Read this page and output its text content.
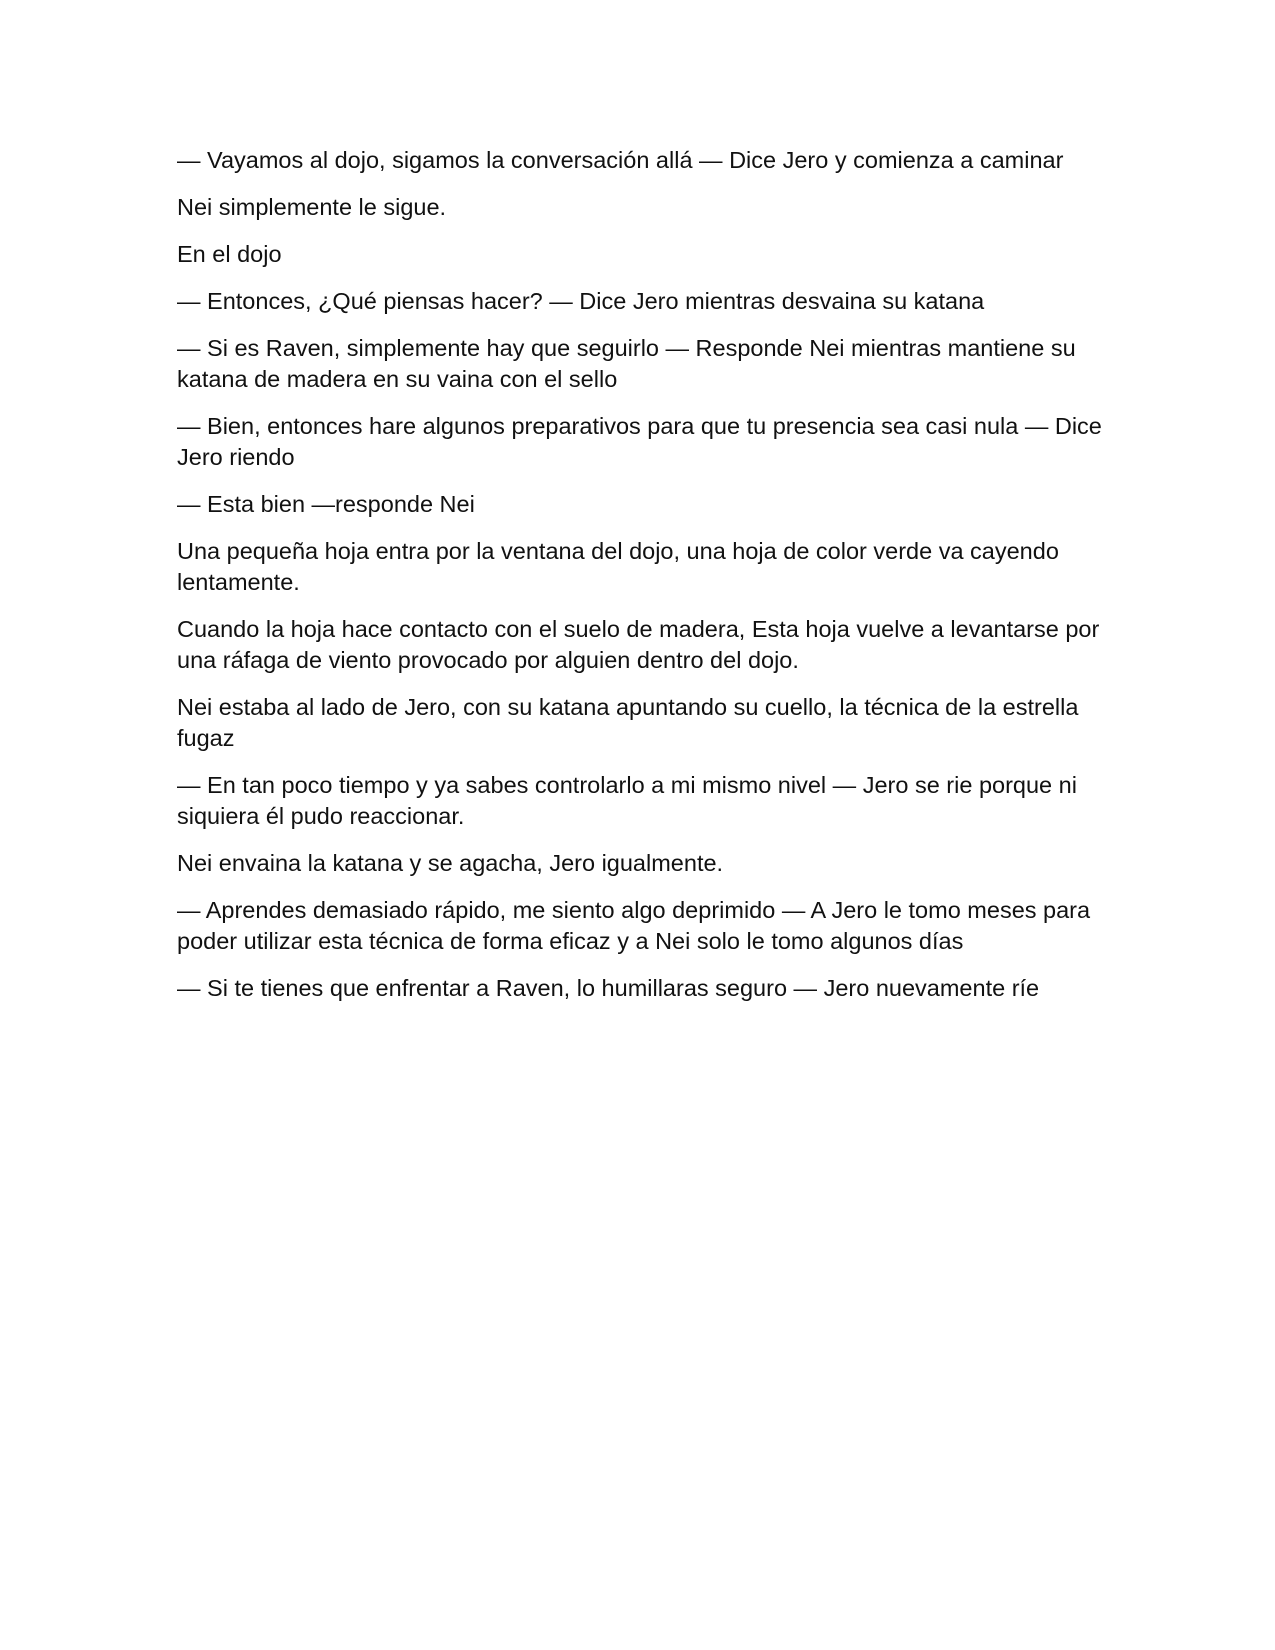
— Vayamos al dojo, sigamos la conversación allá — Dice Jero y comienza a caminar

Nei simplemente le sigue.

En el dojo

— Entonces, ¿Qué piensas hacer? — Dice Jero mientras desvaina su katana

— Si es Raven, simplemente hay que seguirlo — Responde Nei mientras mantiene su katana de madera en su vaina con el sello

— Bien, entonces hare algunos preparativos para que tu presencia sea casi nula — Dice Jero riendo

— Esta bien —responde Nei

Una pequeña hoja entra por la ventana del dojo, una hoja de color verde va cayendo lentamente.

Cuando la hoja hace contacto con el suelo de madera, Esta hoja vuelve a levantarse por una ráfaga de viento provocado por alguien dentro del dojo.

Nei estaba al lado de Jero, con su katana apuntando su cuello, la técnica de la estrella fugaz

— En tan poco tiempo y ya sabes controlarlo a mi mismo nivel — Jero se rie porque ni siquiera él pudo reaccionar.

Nei envaina la katana y se agacha, Jero igualmente.

— Aprendes demasiado rápido, me siento algo deprimido — A Jero le tomo meses para poder utilizar esta técnica de forma eficaz y a Nei solo le tomo algunos días

— Si te tienes que enfrentar a Raven, lo humillaras seguro — Jero nuevamente ríe
